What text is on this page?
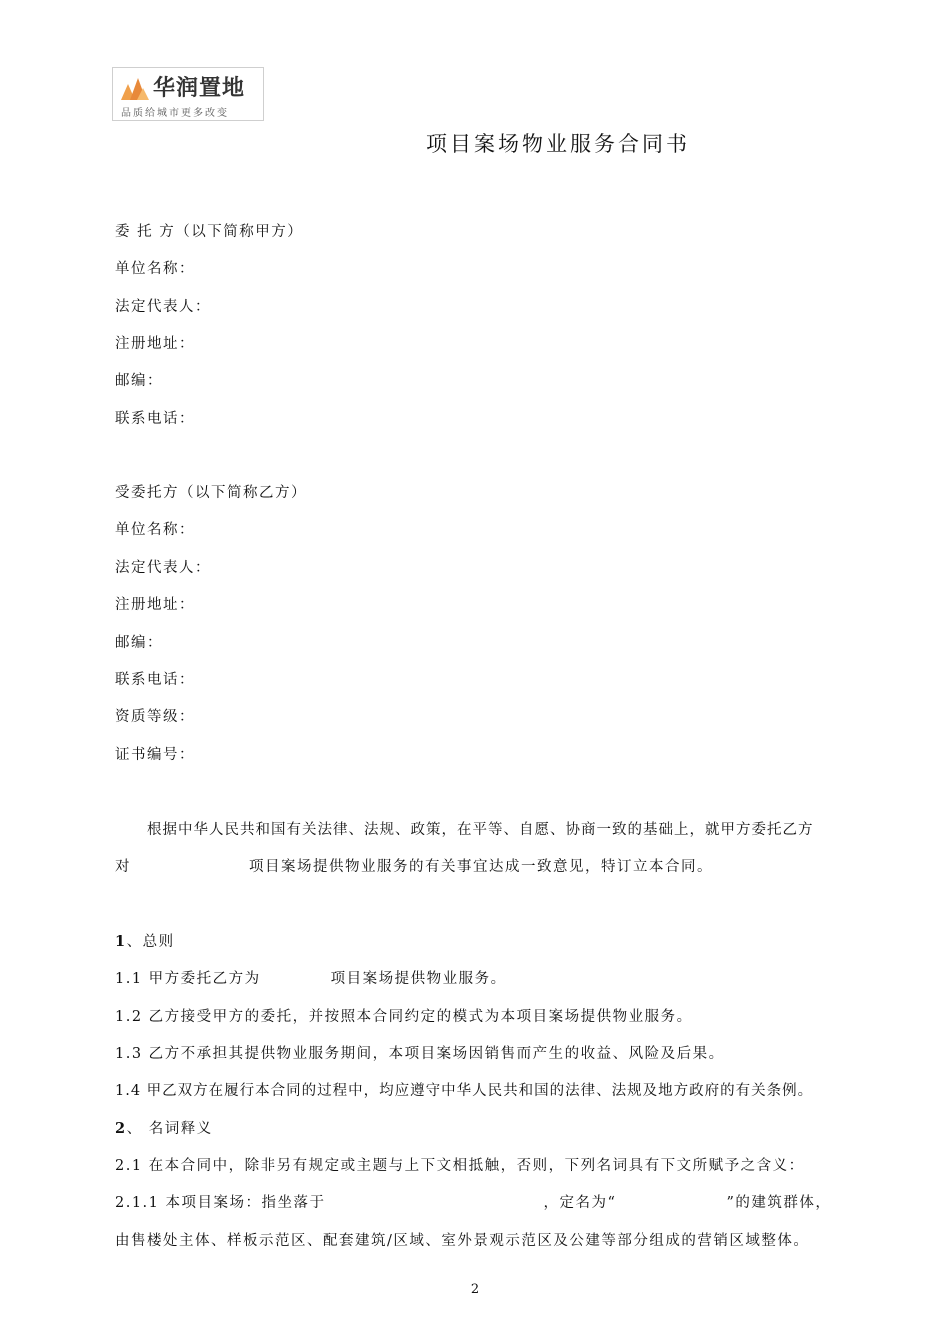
华润置地
品质给城市更多改变
项目案场物业服务合同书
委 托 方（以下简称甲方）
单位名称：
法定代表人：
注册地址：
邮编：
联系电话：
受委托方（以下简称乙方）
单位名称：
法定代表人：
注册地址：
邮编：
联系电话：
资质等级：
证书编号：
根据中华人民共和国有关法律、法规、政策，在平等、自愿、协商一致的基础上，就甲方委托乙方
对	项目案场提供物业服务的有关事宜达成一致意见，特订立本合同。
1、总则
1.1 甲方委托乙方为	项目案场提供物业服务。
1.2 乙方接受甲方的委托，并按照本合同约定的模式为本项目案场提供物业服务。
1.3 乙方不承担其提供物业服务期间，本项目案场因销售而产生的收益、风险及后果。
1.4 甲乙双方在履行本合同的过程中，均应遵守中华人民共和国的法律、法规及地方政府的有关条例。
2、 名词释义
2.1 在本合同中，除非另有规定或主题与上下文相抵触，否则，下列名词具有下文所赋予之含义：
2.1.1 本项目案场：指坐落于	，定名为“	”的建筑群体，
由售楼处主体、样板示范区、配套建筑/区域、室外景观示范区及公建等部分组成的营销区域整体。
2
